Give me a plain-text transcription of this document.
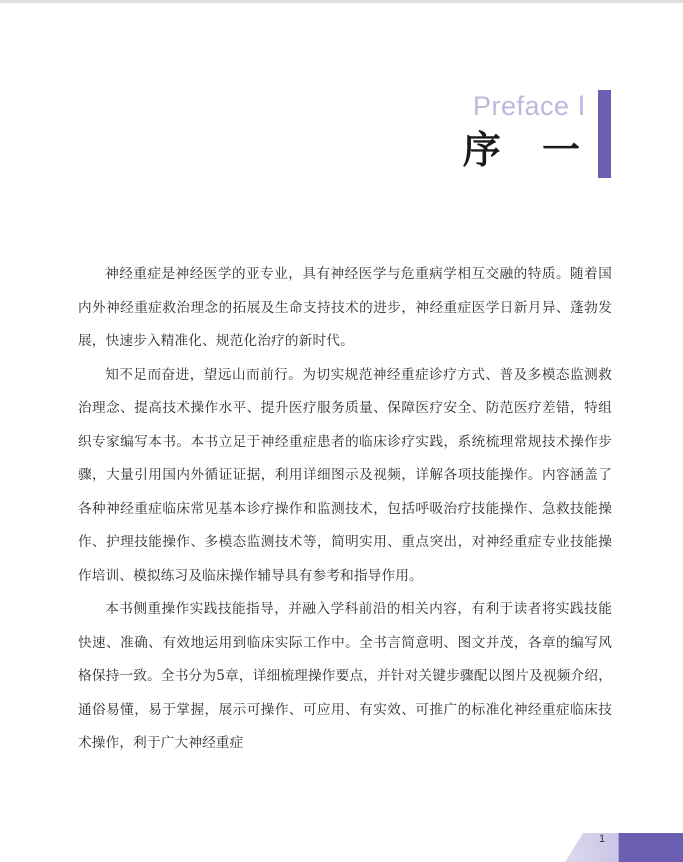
Preface Ⅰ
序 一

神经重症是神经医学的亚专业，具有神经医学与危重病学相互交融的特质。随着国内外神经重症救治理念的拓展及生命支持技术的进步，神经重症医学日新月异、蓬勃发展，快速步入精准化、规范化治疗的新时代。

知不足而奋进，望远山而前行。为切实规范神经重症诊疗方式、普及多模态监测救治理念、提高技术操作水平、提升医疗服务质量、保障医疗安全、防范医疗差错，特组织专家编写本书。本书立足于神经重症患者的临床诊疗实践，系统梳理常规技术操作步骤，大量引用国内外循证证据，利用详细图示及视频，详解各项技能操作。内容涵盖了各种神经重症临床常见基本诊疗操作和监测技术，包括呼吸治疗技能操作、急救技能操作、护理技能操作、多模态监测技术等，简明实用、重点突出，对神经重症专业技能操作培训、模拟练习及临床操作辅导具有参考和指导作用。

本书侧重操作实践技能指导，并融入学科前沿的相关内容，有利于读者将实践技能快速、准确、有效地运用到临床实际工作中。全书言简意明、图文并茂，各章的编写风格保持一致。全书分为5章，详细梳理操作要点，并针对关键步骤配以图片及视频介绍，通俗易懂，易于掌握，展示可操作、可应用、有实效、可推广的标准化神经重症临床技术操作，利于广大神经重症

1
